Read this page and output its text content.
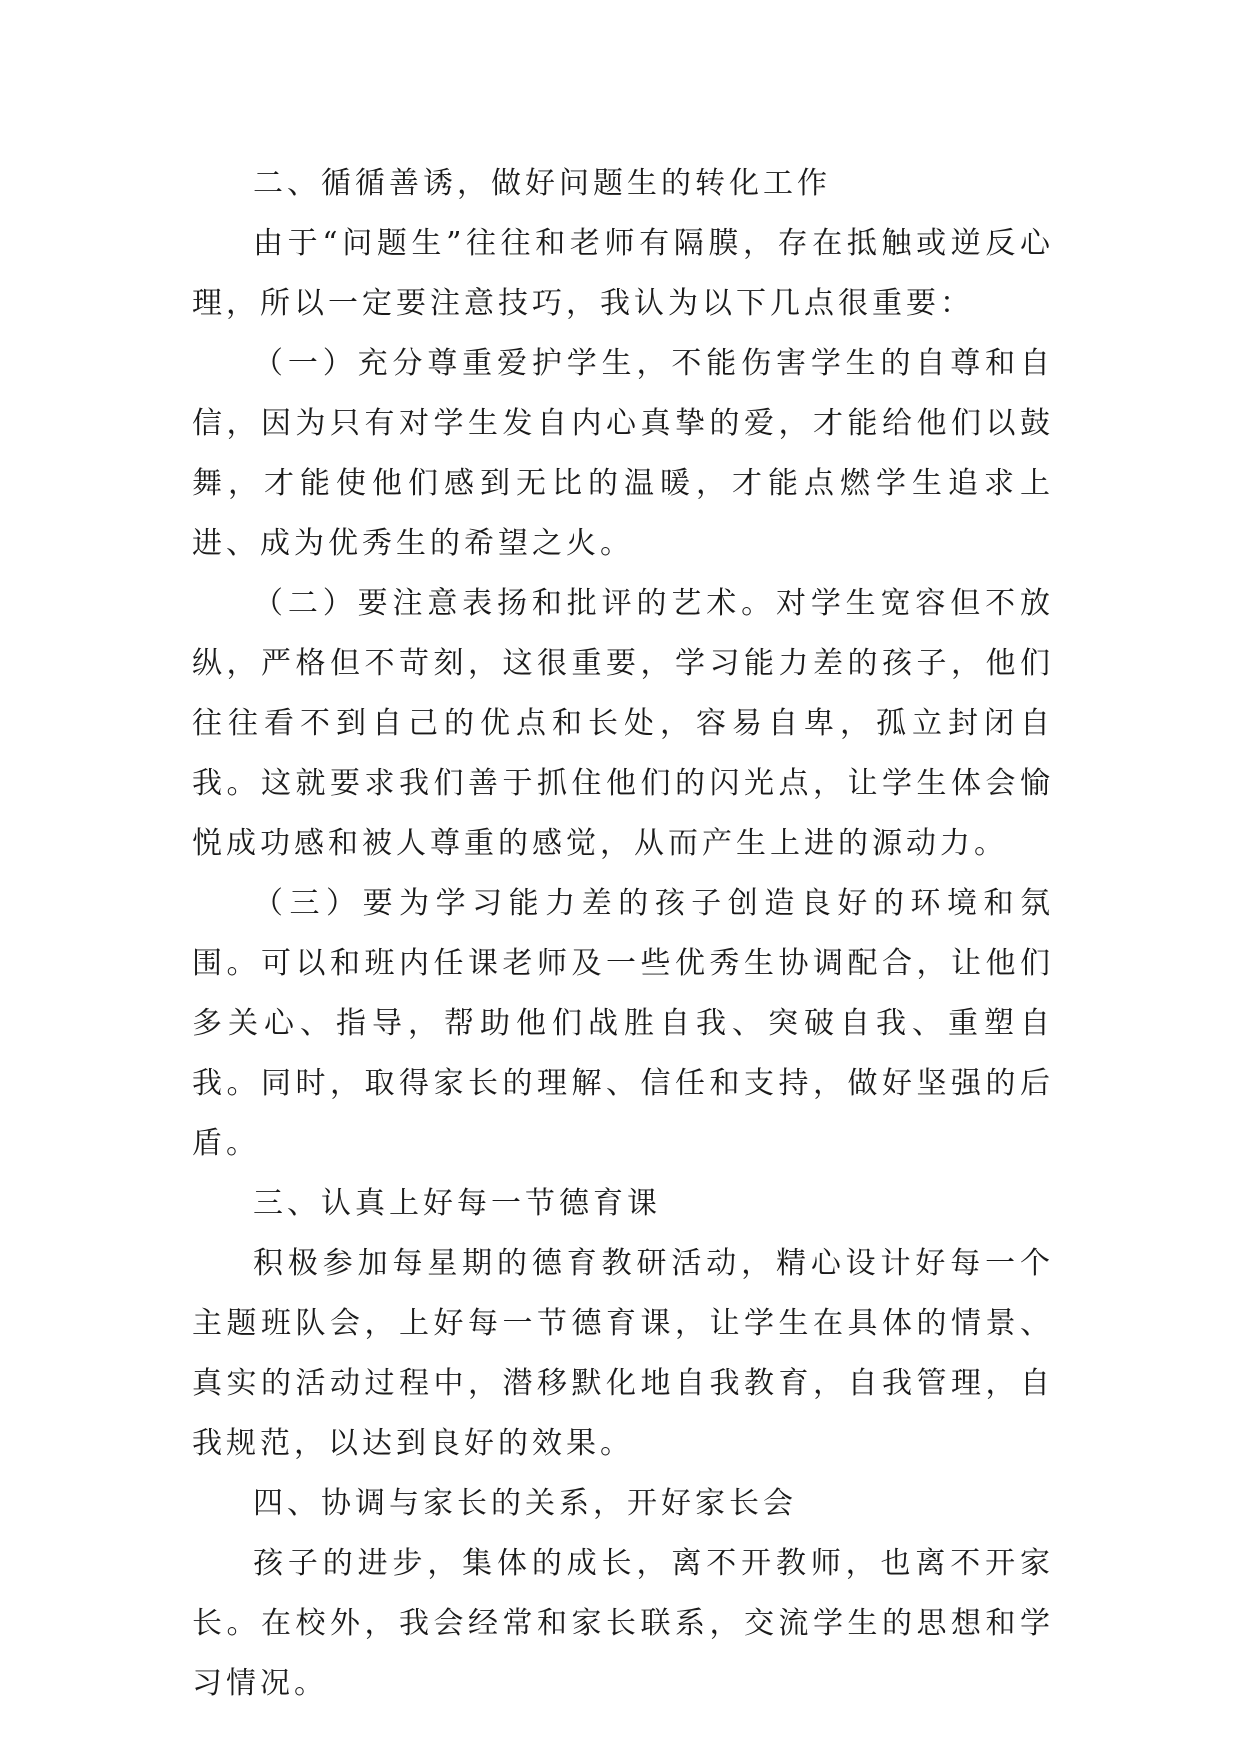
二、循循善诱，做好问题生的转化工作

由于“问题生”往往和老师有隔膜，存在抵触或逆反心理，所以一定要注意技巧，我认为以下几点很重要：

（一）充分尊重爱护学生，不能伤害学生的自尊和自信，因为只有对学生发自内心真挚的爱，才能给他们以鼓舞，才能使他们感到无比的温暖，才能点燃学生追求上进、成为优秀生的希望之火。

（二）要注意表扬和批评的艺术。对学生宽容但不放纵，严格但不苛刻，这很重要，学习能力差的孩子，他们往往看不到自己的优点和长处，容易自卑，孤立封闭自我。这就要求我们善于抓住他们的闪光点，让学生体会愉悦成功感和被人尊重的感觉，从而产生上进的源动力。

（三）要为学习能力差的孩子创造良好的环境和氛围。可以和班内任课老师及一些优秀生协调配合，让他们多关心、指导，帮助他们战胜自我、突破自我、重塑自我。同时，取得家长的理解、信任和支持，做好坚强的后盾。

三、认真上好每一节德育课

积极参加每星期的德育教研活动，精心设计好每一个主题班队会，上好每一节德育课，让学生在具体的情景、真实的活动过程中，潜移默化地自我教育，自我管理，自我规范，以达到良好的效果。

四、协调与家长的关系，开好家长会

孩子的进步，集体的成长，离不开教师，也离不开家长。在校外，我会经常和家长联系，交流学生的思想和学习情况。
